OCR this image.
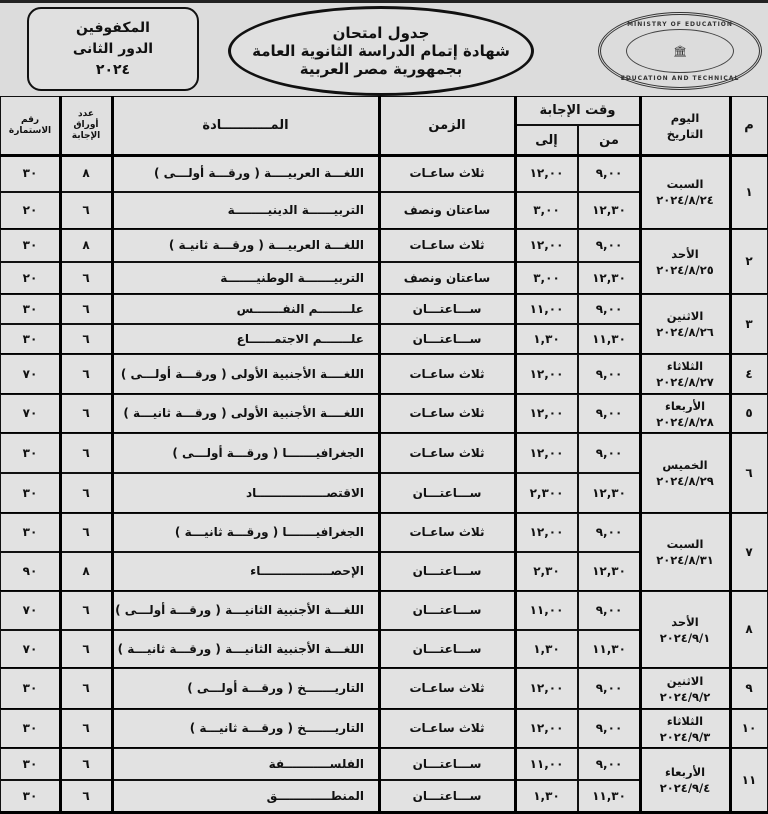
المكفوفين
الدور الثانى
٢٠٢٤
جدول امتحان
شهادة إتمام الدراسة الثانوية العامة
بجمهورية مصر العربية
MINISTRY OF EDUCATION
🏛
EDUCATION AND TECHNICAL
م
اليوم
التاريخ
وقت الإجابة
من
إلى
الزمن
المـــــــــــادة
عدد
أوراق
الإجابة
رقم
الاستمارة
١
السبت
٢٠٢٤/٨/٢٤
٩,٠٠
١٢,٠٠
ثلاث ساعـات
اللغـــة العربيــــة ( ورقـــة أولـــى )
٨
٣٠
١٢,٣٠
٣,٠٠
ساعتان ونصف
التربيــــــة الدينيــــــــة
٦
٢٠
٢
الأحد
٢٠٢٤/٨/٢٥
٩,٠٠
١٢,٠٠
ثلاث ساعـات
اللغـــة العربيـــة ( ورقـــة ثانيـة )
٨
٣٠
١٢,٣٠
٣,٠٠
ساعتان ونصف
التربيـــــــة الوطنيـــــــة
٦
٢٠
٣
الاثنين
٢٠٢٤/٨/٢٦
٩,٠٠
١١,٠٠
ســـاعتـــان
علــــــــم النفـــــــس
٦
٣٠
١١,٣٠
١,٣٠
ســـاعتـــان
علـــــــم الاجتمــــــاع
٦
٣٠
٤
الثلاثاء
٢٠٢٤/٨/٢٧
٩,٠٠
١٢,٠٠
ثلاث ساعـات
اللغــــة الأجنبية الأولى ( ورقـــة أولـــى )
٦
٧٠
٥
الأربعاء
٢٠٢٤/٨/٢٨
٩,٠٠
١٢,٠٠
ثلاث ساعـات
اللغــــة الأجنبية الأولى ( ورقـــة ثانيـــة )
٦
٧٠
٦
الخميس
٢٠٢٤/٨/٢٩
٩,٠٠
١٢,٠٠
ثلاث ساعـات
الجغرافيـــــــا ( ورقـــة أولـــى )
٦
٣٠
١٢,٣٠
٢,٣٠٠
ســـاعتـــان
الاقتصـــــــــــــــــاد
٦
٣٠
٧
السبت
٢٠٢٤/٨/٣١
٩,٠٠
١٢,٠٠
ثلاث ساعـات
الجغرافيـــــــا ( ورقـــة ثانيـــة )
٦
٣٠
١٢,٣٠
٢,٣٠
ســـاعتـــان
الإحصـــــــــــــــــاء
٨
٩٠
٨
الأحد
٢٠٢٤/٩/١
٩,٠٠
١١,٠٠
ســـاعتـــان
اللغـــة الأجنبية الثانيـــة ( ورقـــة أولـــى )
٦
٧٠
١١,٣٠
١,٣٠
ســـاعتـــان
اللغـــة الأجنبية الثانيـــة ( ورقـــة ثانيـــة )
٦
٧٠
٩
الاثنين
٢٠٢٤/٩/٢
٩,٠٠
١٢,٠٠
ثلاث ساعـات
التاريـــــــخ ( ورقـــة أولـــى )
٦
٣٠
١٠
الثلاثاء
٢٠٢٤/٩/٣
٩,٠٠
١٢,٠٠
ثلاث ساعـات
التاريـــــــخ ( ورقـــة ثانيـــة )
٦
٣٠
١١
الأربعاء
٢٠٢٤/٩/٤
٩,٠٠
١١,٠٠
ســـاعتـــان
الفلســـــــــــفة
٦
٣٠
١١,٣٠
١,٣٠
ســـاعتـــان
المنطـــــــــــــق
٦
٣٠
